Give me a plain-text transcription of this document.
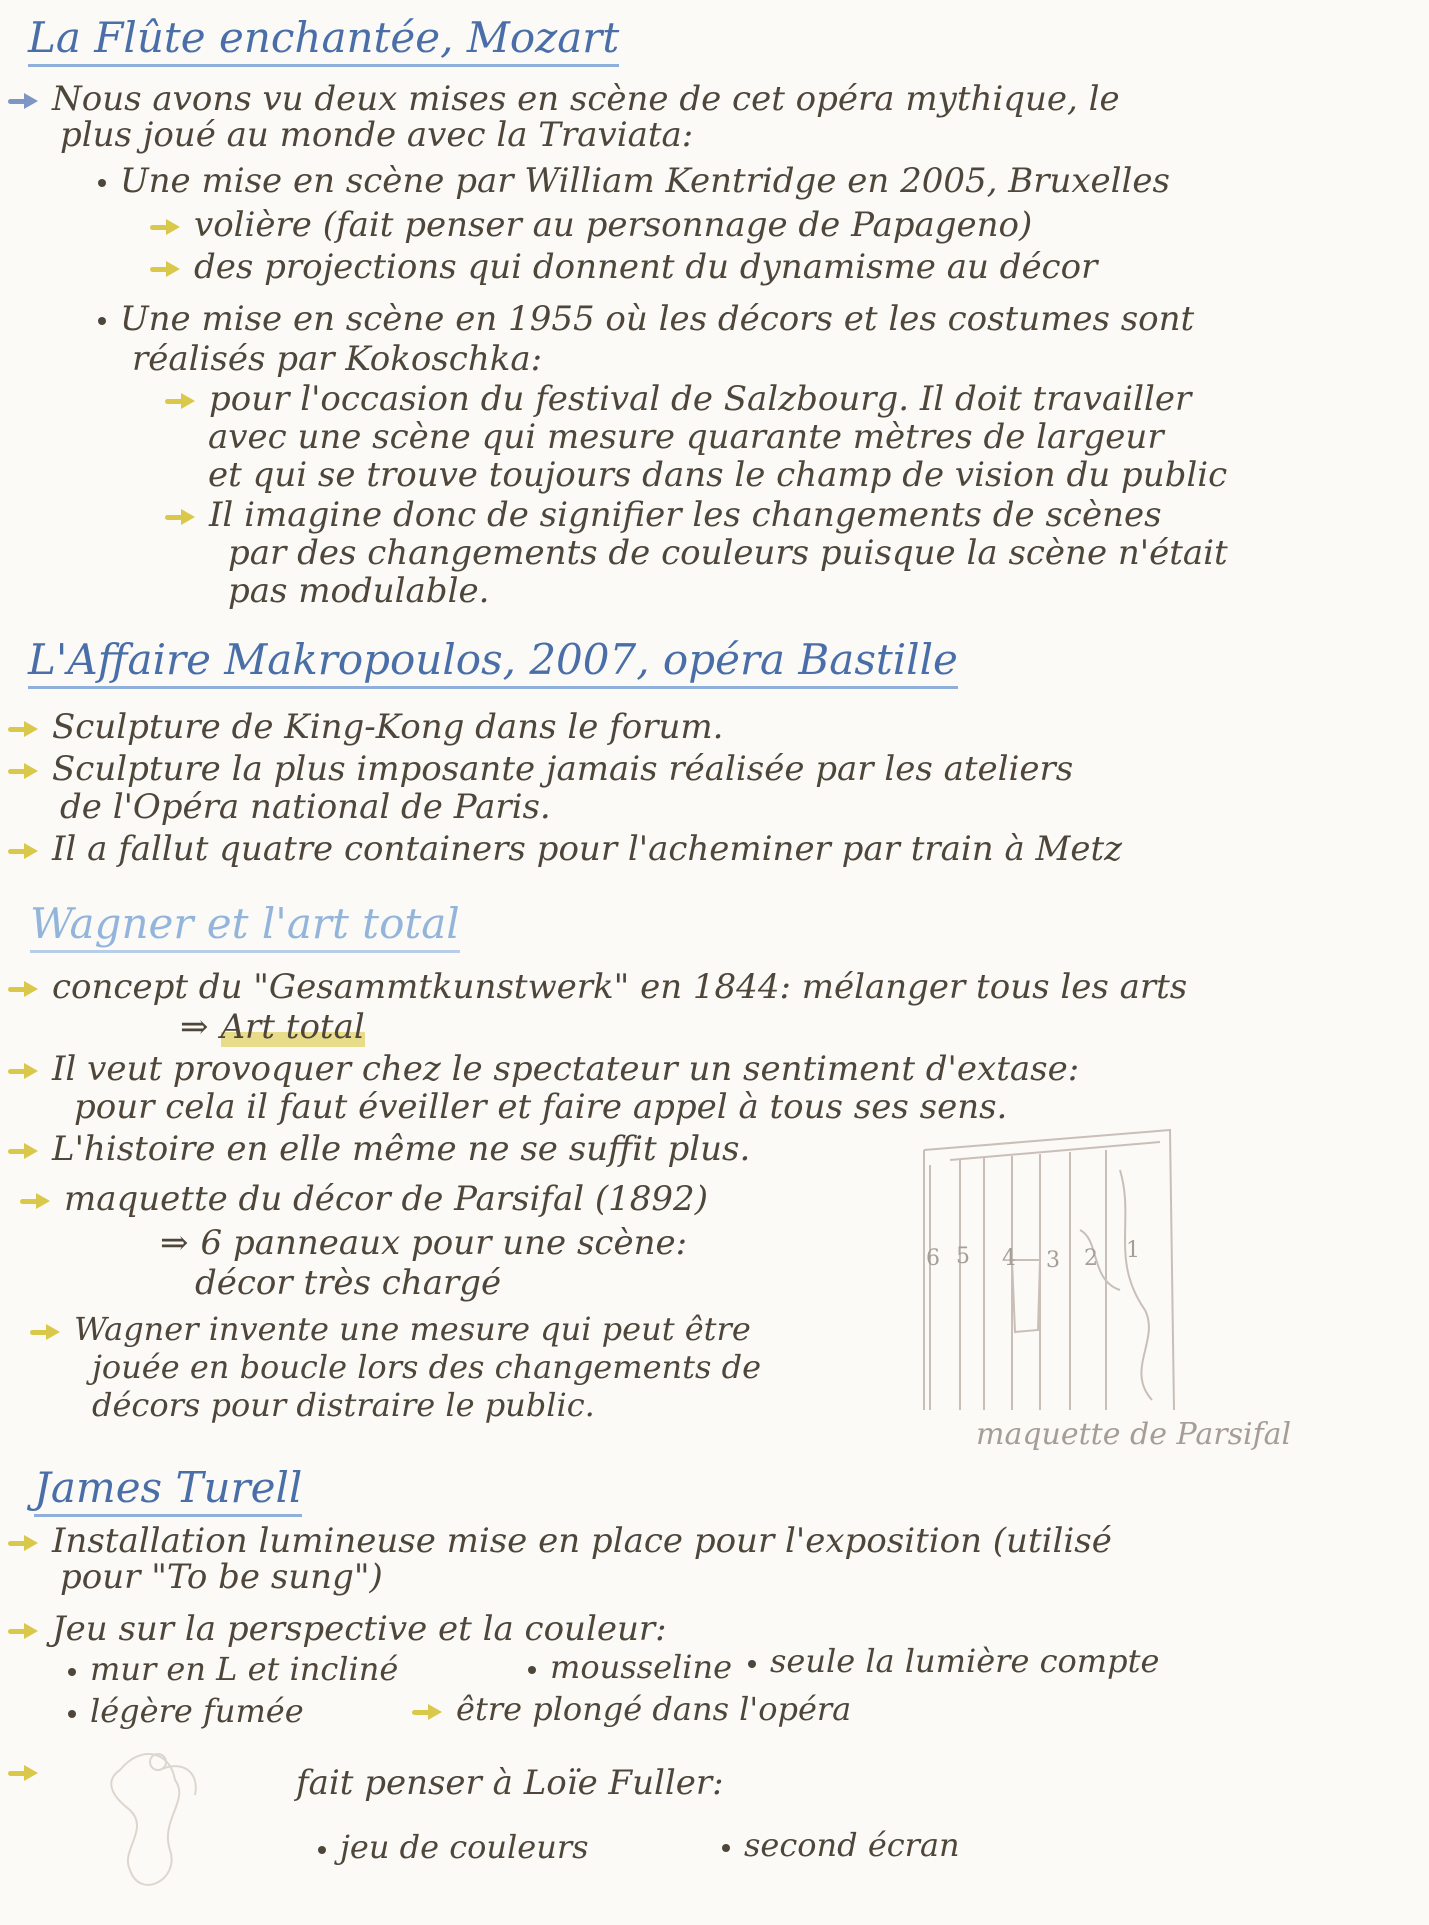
La Flûte enchantée, Mozart
Nous avons vu deux mises en scène de cet opéra mythique, le
plus joué au monde avec la Traviata:
Une mise en scène par William Kentridge en 2005, Bruxelles
volière (fait penser au personnage de Papageno)
des projections qui donnent du dynamisme au décor
Une mise en scène en 1955 où les décors et les costumes sont
réalisés par Kokoschka:
pour l'occasion du festival de Salzbourg. Il doit travailler
avec une scène qui mesure quarante mètres de largeur
et qui se trouve toujours dans le champ de vision du public
Il imagine donc de signifier les changements de scènes
par des changements de couleurs puisque la scène n'était
pas modulable.
L'Affaire Makropoulos, 2007, opéra Bastille
Sculpture de King-Kong dans le forum.
Sculpture la plus imposante jamais réalisée par les ateliers
de l'Opéra national de Paris.
Il a fallut quatre containers pour l'acheminer par train à Metz
Wagner et l'art total
concept du "Gesammtkunstwerk" en 1844: mélanger tous les arts
⇒ Art total
Il veut provoquer chez le spectateur un sentiment d'extase:
pour cela il faut éveiller et faire appel à tous ses sens.
L'histoire en elle même ne se suffit plus.
maquette du décor de Parsifal (1892)
⇒ 6 panneaux pour une scène:
décor très chargé
Wagner invente une mesure qui peut être
jouée en boucle lors des changements de
décors pour distraire le public.
6 5 4 3 2 1
maquette de Parsifal
James Turell
Installation lumineuse mise en place pour l'exposition (utilisé
pour "To be sung")
Jeu sur la perspective et la couleur:
mur en L et incliné	mousseline	seule la lumière compte
légère fumée	être plongé dans l'opéra
fait penser à Loïe Fuller:
jeu de couleurs	second écran
